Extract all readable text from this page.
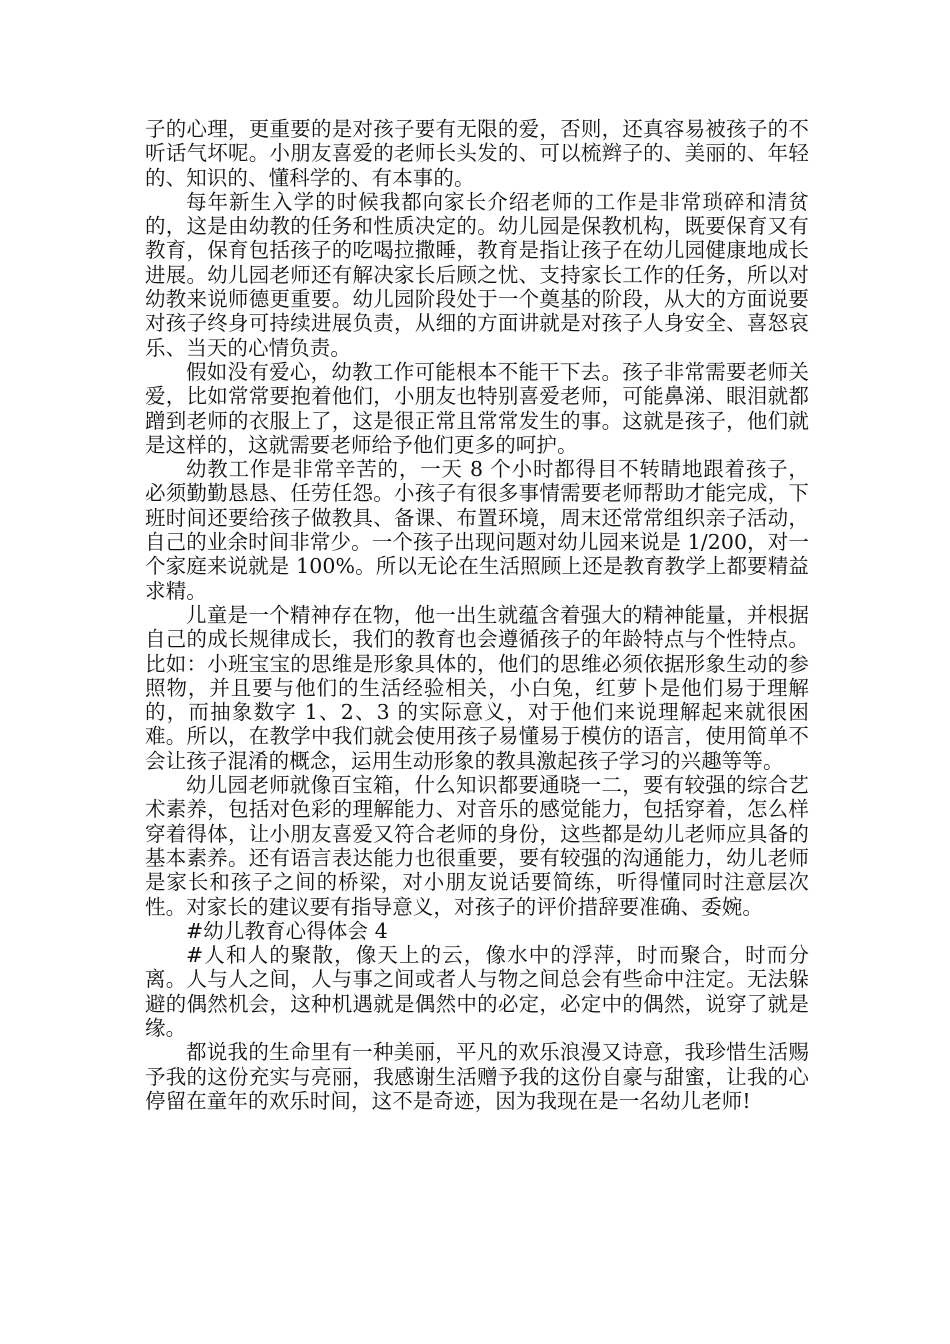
子的心理，更重要的是对孩子要有无限的爱，否则，还真容易被孩子的不听话气坏呢。小朋友喜爱的老师长头发的、可以梳辫子的、美丽的、年轻的、知识的、懂科学的、有本事的。

每年新生入学的时候我都向家长介绍老师的工作是非常琐碎和清贫的，这是由幼教的任务和性质决定的。幼儿园是保教机构，既要保育又有教育，保育包括孩子的吃喝拉撒睡，教育是指让孩子在幼儿园健康地成长进展。幼儿园老师还有解决家长后顾之忧、支持家长工作的任务，所以对幼教来说师德更重要。幼儿园阶段处于一个奠基的阶段，从大的方面说要对孩子终身可持续进展负责，从细的方面讲就是对孩子人身安全、喜怒哀乐、当天的心情负责。

假如没有爱心，幼教工作可能根本不能干下去。孩子非常需要老师关爱，比如常常要抱着他们，小朋友也特别喜爱老师，可能鼻涕、眼泪就都蹭到老师的衣服上了，这是很正常且常常发生的事。这就是孩子，他们就是这样的，这就需要老师给予他们更多的呵护。

幼教工作是非常辛苦的，一天 8 个小时都得目不转睛地跟着孩子，必须勤勤恳恳、任劳任怨。小孩子有很多事情需要老师帮助才能完成，下班时间还要给孩子做教具、备课、布置环境，周末还常常组织亲子活动，自己的业余时间非常少。一个孩子出现问题对幼儿园来说是 1/200，对一个家庭来说就是 100%。所以无论在生活照顾上还是教育教学上都要精益求精。

儿童是一个精神存在物，他一出生就蕴含着强大的精神能量，并根据自己的成长规律成长，我们的教育也会遵循孩子的年龄特点与个性特点。比如：小班宝宝的思维是形象具体的，他们的思维必须依据形象生动的参照物，并且要与他们的生活经验相关，小白兔，红萝卜是他们易于理解的，而抽象数字 1、2、3 的实际意义，对于他们来说理解起来就很困难。所以，在教学中我们就会使用孩子易懂易于模仿的语言，使用简单不会让孩子混淆的概念，运用生动形象的教具激起孩子学习的兴趣等等。

幼儿园老师就像百宝箱，什么知识都要通晓一二，要有较强的综合艺术素养，包括对色彩的理解能力、对音乐的感觉能力，包括穿着，怎么样穿着得体，让小朋友喜爱又符合老师的身份，这些都是幼儿老师应具备的基本素养。还有语言表达能力也很重要，要有较强的沟通能力，幼儿老师是家长和孩子之间的桥梁，对小朋友说话要简练，听得懂同时注意层次性。对家长的建议要有指导意义，对孩子的评价措辞要准确、委婉。

#幼儿教育心得体会 4

#人和人的聚散，像天上的云，像水中的浮萍，时而聚合，时而分离。人与人之间，人与事之间或者人与物之间总会有些命中注定。无法躲避的偶然机会，这种机遇就是偶然中的必定，必定中的偶然，说穿了就是缘。

都说我的生命里有一种美丽，平凡的欢乐浪漫又诗意，我珍惜生活赐予我的这份充实与亮丽，我感谢生活赠予我的这份自豪与甜蜜，让我的心停留在童年的欢乐时间，这不是奇迹，因为我现在是一名幼儿老师!
